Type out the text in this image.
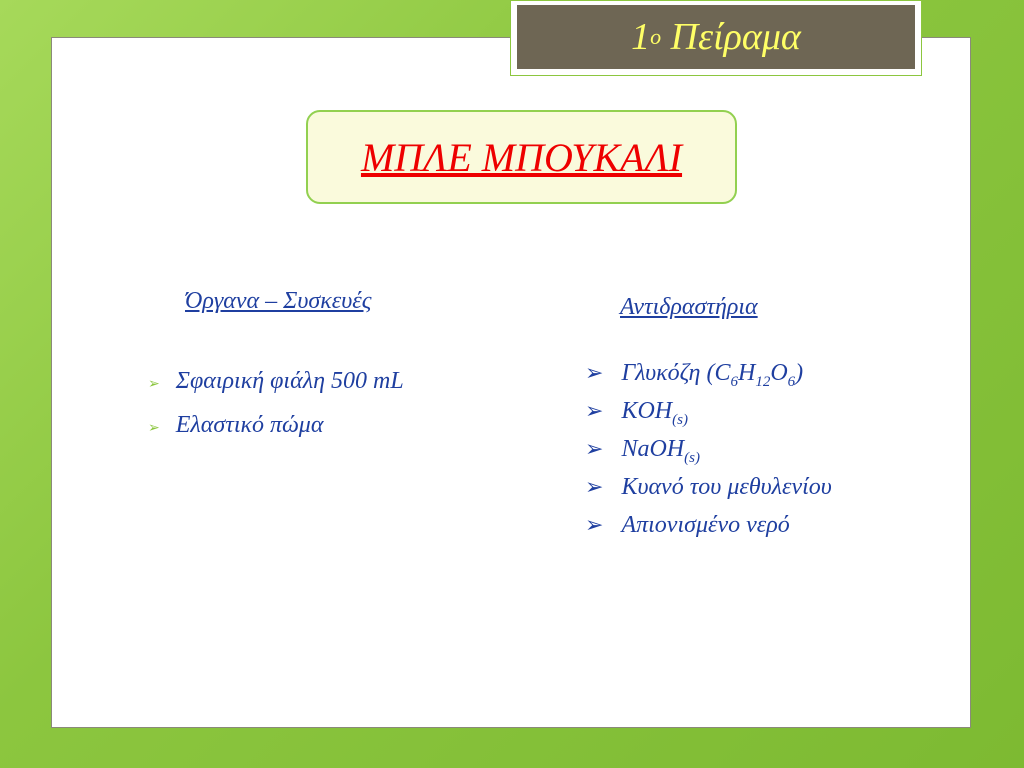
1 ο
Πείραμα
ΜΠΛΕ ΜΠΟΥΚΑΛΙ
Όργανα – Συσκευές
➢ Σφαιρική φιάλη 500 mL
➢ Ελαστικό πώμα
Αντιδραστήρια
➢ Γλυκόζη $(C_6H_{12}O_6)$
➢ $KOH_{(s)}$
➢ NaOH$_{(s)}$
➢ Κυανό του μεθυλενίου
➢ Απιονισμένο νερό
